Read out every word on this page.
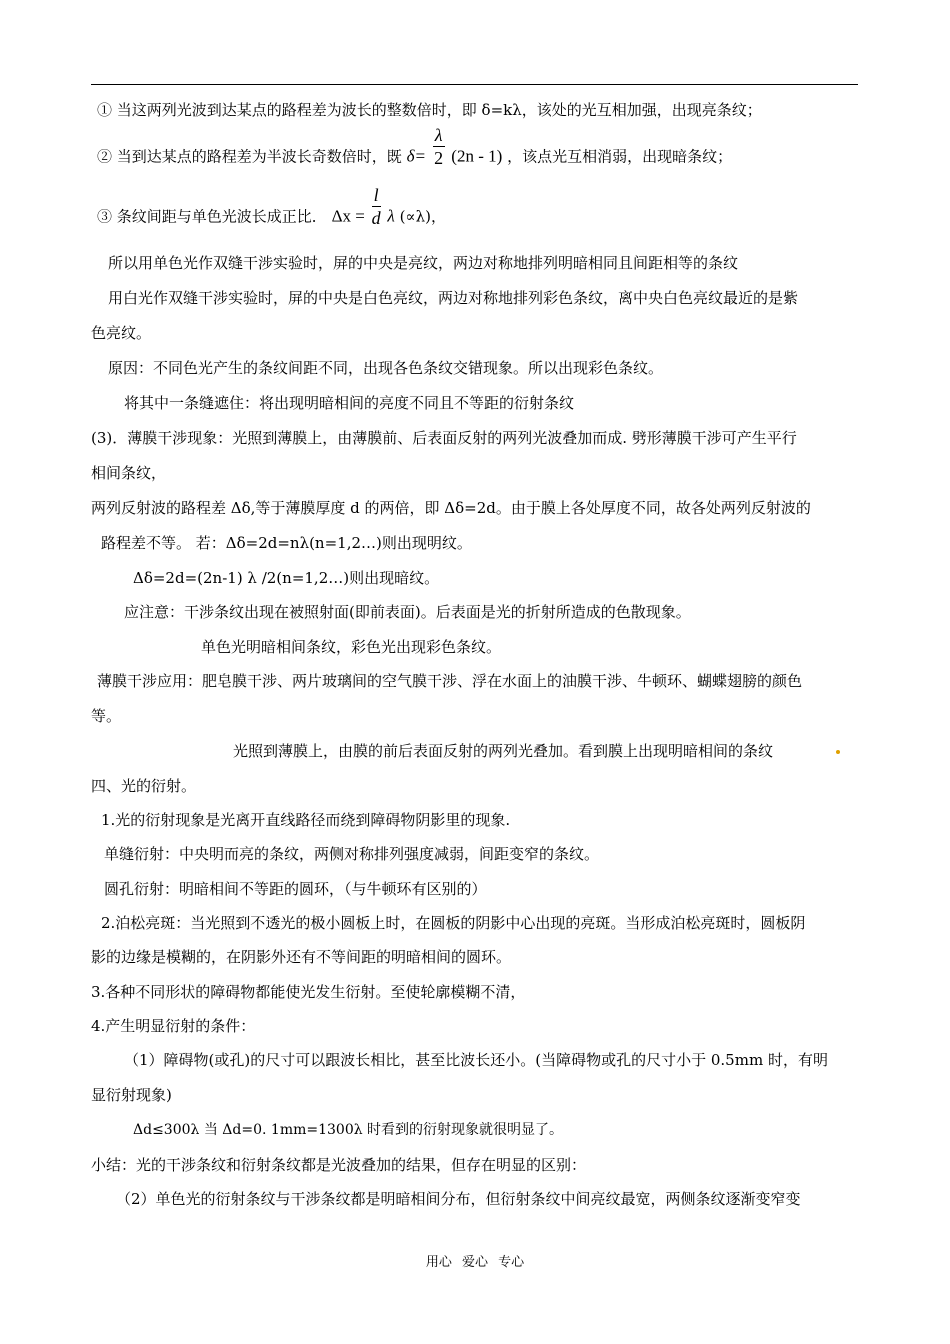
① 当这两列光波到达某点的路程差为波长的整数倍时，即 δ=kλ，该处的光互相加强，出现亮条纹；
② 当到达某点的路程差为半波长奇数倍时，既 $\delta= \frac{\lambda}{2} (2n - 1)$ ，该点光互相消弱，出现暗条纹；
③ 条纹间距与单色光波长成正比． $\Delta x = \frac{l}{d}$ λ (∝λ)，
所以用单色光作双缝干涉实验时，屏的中央是亮纹，两边对称地排列明暗相同且间距相等的条纹
用白光作双缝干涉实验时，屏的中央是白色亮纹，两边对称地排列彩色条纹，离中央白色亮纹最近的是紫
色亮纹。
原因：不同色光产生的条纹间距不同，出现各色条纹交错现象。所以出现彩色条纹。
将其中一条缝遮住：将出现明暗相间的亮度不同且不等距的衍射条纹
(3)．薄膜干涉现象：光照到薄膜上，由薄膜前、后表面反射的两列光波叠加而成. 劈形薄膜干涉可产生平行
相间条纹，
两列反射波的路程差 Δδ,等于薄膜厚度 d 的两倍，即 Δδ=2d。由于膜上各处厚度不同，故各处两列反射波的
路程差不等。 若：Δδ=2d=nλ(n=1,2…)则出现明纹。
Δδ=2d=(2n-1) λ /2(n=1,2…)则出现暗纹。
应注意：干涉条纹出现在被照射面(即前表面)。后表面是光的折射所造成的色散现象。
单色光明暗相间条纹，彩色光出现彩色条纹。
薄膜干涉应用：肥皂膜干涉、两片玻璃间的空气膜干涉、浮在水面上的油膜干涉、牛顿环、蝴蝶翅膀的颜色
等。
光照到薄膜上，由膜的前后表面反射的两列光叠加。看到膜上出现明暗相间的条纹
四、光的衍射。
1.光的衍射现象是光离开直线路径而绕到障碍物阴影里的现象.
单缝衍射：中央明而亮的条纹，两侧对称排列强度减弱，间距变窄的条纹。
圆孔衍射：明暗相间不等距的圆环，（与牛顿环有区别的）
2.泊松亮斑：当光照到不透光的极小圆板上时，在圆板的阴影中心出现的亮斑。当形成泊松亮斑时，圆板阴
影的边缘是模糊的，在阴影外还有不等间距的明暗相间的圆环。
3.各种不同形状的障碍物都能使光发生衍射。至使轮廓模糊不清，
4.产生明显衍射的条件：
（1）障碍物(或孔)的尺寸可以跟波长相比，甚至比波长还小。(当障碍物或孔的尺寸小于 0.5mm 时，有明
显衍射现象)
Δd≤300λ 当 Δd=0. 1mm=1300λ 时看到的衍射现象就很明显了。
小结：光的干涉条纹和衍射条纹都是光波叠加的结果，但存在明显的区别：
（2）单色光的衍射条纹与干涉条纹都是明暗相间分布，但衍射条纹中间亮纹最宽，两侧条纹逐渐变窄变
用心 爱心 专心
